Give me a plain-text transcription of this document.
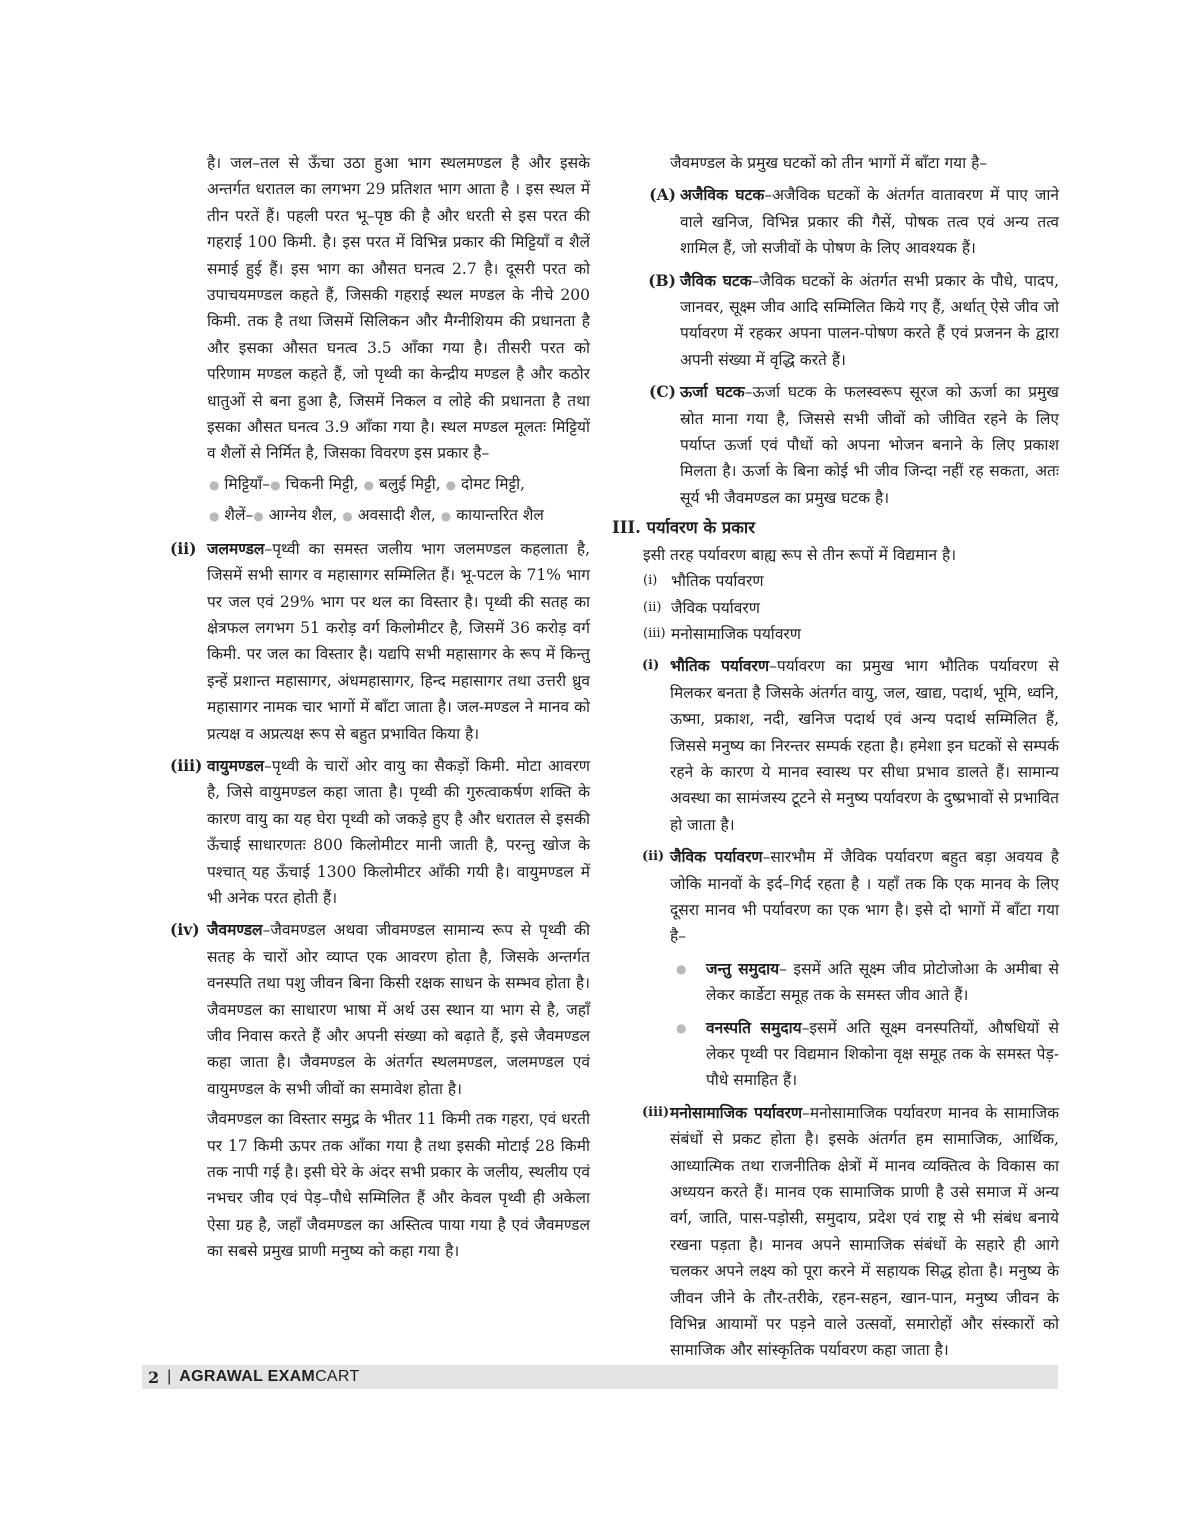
है। जल–तल से ऊँचा उठा हुआ भाग स्थलमण्डल है और इसके अन्तर्गत धरातल का लगभग 29 प्रतिशत भाग आता है । इस स्थल में तीन परतें हैं। पहली परत भू–पृष्ठ की है और धरती से इस परत की गहराई 100 किमी. है। इस परत में विभिन्न प्रकार की मिट्टियाँ व शैलें समाई हुई हैं। इस भाग का औसत घनत्व 2.7 है। दूसरी परत को उपाचयमण्डल कहते हैं, जिसकी गहराई स्थल मण्डल के नीचे 200 किमी. तक है तथा जिसमें सिलिकन और मैग्नीशियम की प्रधानता है और इसका औसत घनत्व 3.5 आँका गया है। तीसरी परत को परिणाम मण्डल कहते हैं, जो पृथ्वी का केन्द्रीय मण्डल है और कठोर धातुओं से बना हुआ है, जिसमें निकल व लोहे की प्रधानता है तथा इसका औसत घनत्व 3.9 आँका गया है। स्थल मण्डल मूलतः मिट्टियों व शैलों से निर्मित है, जिसका विवरण इस प्रकार है–

● मिट्टियाँ–● चिकनी मिट्टी, ● बलुई मिट्टी, ● दोमट मिट्टी,
● शैलें–● आग्नेय शैल, ● अवसादी शैल, ● कायान्तरित शैल
(ii) जलमण्डल–पृथ्वी का समस्त जलीय भाग जलमण्डल कहलाता है, जिसमें सभी सागर व महासागर सम्मिलित हैं। भू-पटल के 71% भाग पर जल एवं 29% भाग पर थल का विस्तार है। पृथ्वी की सतह का क्षेत्रफल लगभग 51 करोड़ वर्ग किलोमीटर है, जिसमें 36 करोड़ वर्ग किमी. पर जल का विस्तार है। यद्यपि सभी महासागर के रूप में किन्तु इन्हें प्रशान्त महासागर, अंधमहासागर, हिन्द महासागर तथा उत्तरी ध्रुव महासागर नामक चार भागों में बाँटा जाता है। जल-मण्डल ने मानव को प्रत्यक्ष व अप्रत्यक्ष रूप से बहुत प्रभावित किया है।
(iii) वायुमण्डल–पृथ्वी के चारों ओर वायु का सैकड़ों किमी. मोटा आवरण है, जिसे वायुमण्डल कहा जाता है। पृथ्वी की गुरुत्वाकर्षण शक्ति के कारण वायु का यह घेरा पृथ्वी को जकड़े हुए है और धरातल से इसकी ऊँचाई साधारणतः 800 किलोमीटर मानी जाती है, परन्तु खोज के पश्चात् यह ऊँचाई 1300 किलोमीटर आँकी गयी है। वायुमण्डल में भी अनेक परत होती हैं।
(iv) जैवमण्डल–जैवमण्डल अथवा जीवमण्डल सामान्य रूप से पृथ्वी की सतह के चारों ओर व्याप्त एक आवरण होता है, जिसके अन्तर्गत वनस्पति तथा पशु जीवन बिना किसी रक्षक साधन के सम्भव होता है। जैवमण्डल का साधारण भाषा में अर्थ उस स्थान या भाग से है, जहाँ जीव निवास करते हैं और अपनी संख्या को बढ़ाते हैं, इसे जैवमण्डल कहा जाता है। जैवमण्डल के अंतर्गत स्थलमण्डल, जलमण्डल एवं वायुमण्डल के सभी जीवों का समावेश होता है।

जैवमण्डल का विस्तार समुद्र के भीतर 11 किमी तक गहरा, एवं धरती पर 17 किमी ऊपर तक आँका गया है तथा इसकी मोटाई 28 किमी तक नापी गई है। इसी घेरे के अंदर सभी प्रकार के जलीय, स्थलीय एवं नभचर जीव एवं पेड़–पौधे सम्मिलित हैं और केवल पृथ्वी ही अकेला ऐसा ग्रह है, जहाँ जैवमण्डल का अस्तित्व पाया गया है एवं जैवमण्डल का सबसे प्रमुख प्राणी मनुष्य को कहा गया है।

जैवमण्डल के प्रमुख घटकों को तीन भागों में बाँटा गया है–

(A) अजैविक घटक–अजैविक घटकों के अंतर्गत वातावरण में पाए जाने वाले खनिज, विभिन्न प्रकार की गैसें, पोषक तत्व एवं अन्य तत्व शामिल हैं, जो सजीवों के पोषण के लिए आवश्यक हैं।
(B) जैविक घटक–जैविक घटकों के अंतर्गत सभी प्रकार के पौधे, पादप, जानवर, सूक्ष्म जीव आदि सम्मिलित किये गए हैं, अर्थात् ऐसे जीव जो पर्यावरण में रहकर अपना पालन-पोषण करते हैं एवं प्रजनन के द्वारा अपनी संख्या में वृद्धि करते हैं।
(C) ऊर्जा घटक–ऊर्जा घटक के फलस्वरूप सूरज को ऊर्जा का प्रमुख स्रोत माना गया है, जिससे सभी जीवों को जीवित रहने के लिए पर्याप्त ऊर्जा एवं पौधों को अपना भोजन बनाने के लिए प्रकाश मिलता है। ऊर्जा के बिना कोई भी जीव जिन्दा नहीं रह सकता, अतः सूर्य भी जैवमण्डल का प्रमुख घटक है।
III. पर्यावरण के प्रकार
इसी तरह पर्यावरण बाह्य रूप से तीन रूपों में विद्यमान है।
(i) भौतिक पर्यावरण
(ii) जैविक पर्यावरण
(iii) मनोसामाजिक पर्यावरण
(i) भौतिक पर्यावरण–पर्यावरण का प्रमुख भाग भौतिक पर्यावरण से मिलकर बनता है जिसके अंतर्गत वायु, जल, खाद्य, पदार्थ, भूमि, ध्वनि, ऊष्मा, प्रकाश, नदी, खनिज पदार्थ एवं अन्य पदार्थ सम्मिलित हैं, जिससे मनुष्य का निरन्तर सम्पर्क रहता है। हमेशा इन घटकों से सम्पर्क रहने के कारण ये मानव स्वास्थ पर सीधा प्रभाव डालते हैं। सामान्य अवस्था का सामंजस्य टूटने से मनुष्य पर्यावरण के दुष्प्रभावों से प्रभावित हो जाता है।
(ii) जैविक पर्यावरण–सारभौम में जैविक पर्यावरण बहुत बड़ा अवयव है जोकि मानवों के इर्द–गिर्द रहता है । यहाँ तक कि एक मानव के लिए दूसरा मानव भी पर्यावरण का एक भाग है। इसे दो भागों में बाँटा गया है–
● जन्तु समुदाय– इसमें अति सूक्ष्म जीव प्रोटोजोआ के अमीबा से लेकर कार्डेटा समूह तक के समस्त जीव आते हैं।
● वनस्पति समुदाय–इसमें अति सूक्ष्म वनस्पतियों, औषधियों से लेकर पृथ्वी पर विद्यमान शिकोना वृक्ष समूह तक के समस्त पेड़- पौधे समाहित हैं।
(iii) मनोसामाजिक पर्यावरण–मनोसामाजिक पर्यावरण मानव के सामाजिक संबंधों से प्रकट होता है। इसके अंतर्गत हम सामाजिक, आर्थिक, आध्यात्मिक तथा राजनीतिक क्षेत्रों में मानव व्यक्तित्व के विकास का अध्ययन करते हैं। मानव एक सामाजिक प्राणी है उसे समाज में अन्य वर्ग, जाति, पास-पड़ोसी, समुदाय, प्रदेश एवं राष्ट्र से भी संबंध बनाये रखना पड़ता है। मानव अपने सामाजिक संबंधों के सहारे ही आगे चलकर अपने लक्ष्य को पूरा करने में सहायक सिद्ध होता है। मनुष्य के जीवन जीने के तौर-तरीके, रहन-सहन, खान-पान, मनुष्य जीवन के विभिन्न आयामों पर पड़ने वाले उत्सवों, समारोहों और संस्कारों को सामाजिक और सांस्कृतिक पर्यावरण कहा जाता है।
2 | AGRAWAL EXAMCART
